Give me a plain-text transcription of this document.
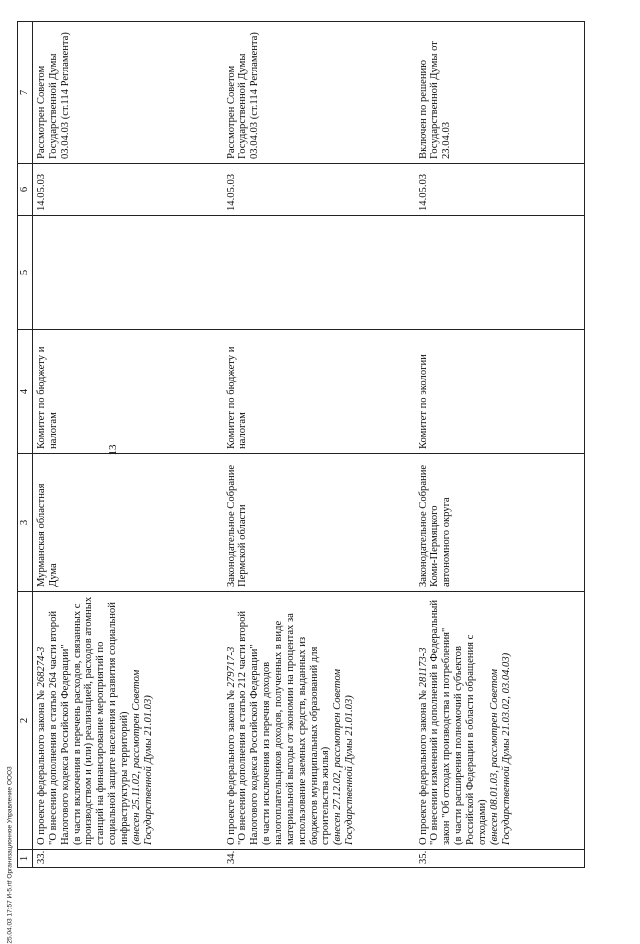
13
1	2	3	4	5	6	7
33.	О проекте федерального закона № 268274-3 "О внесении дополнения в статью 264 части второй Налогового кодекса Российской Федерации" (в части включения в перечень расходов, связанных с производством и (или) реализацией, расходов атомных станций на финансирование мероприятий по социальной защите населения и развития социальной инфраструктуры территорий) (внесен 25.11.02, рассмотрен Советом Государственной Думы 21.01.03)	Мурманская областная Дума	Комитет по бюджету и налогам		14.05.03	Рассмотрен Советом Государственной Думы 03.04.03 (ст.114 Регламента)
34.	О проекте федерального закона № 279717-3 "О внесении дополнения в статью 212 части второй Налогового кодекса Российской Федерации" (в части исключения из перечня доходов налогоплательщиков доходов, полученных в виде материальной выгоды от экономии на процентах за использование заемных средств, выданных из бюджетов муниципальных образований для строительства жилья) (внесен 27.12.02, рассмотрен Советом Государственной Думы 21.01.03)	Законодательное Собрание Пермской области	Комитет по бюджету и налогам		14.05.03	Рассмотрен Советом Государственной Думы 03.04.03 (ст.114 Регламента)
35.	О проекте федерального закона № 281173-3 "О внесении изменений и дополнений в Федеральный закон "Об отходах производства и потребления" (в части расширения полномочий субъектов Российской Федерации в области обращения с отходами) (внесен 08.01.03, рассмотрен Советом Государственной Думы 21.03.02, 03.04.03)	Законодательное Собрание Коми-Пермяцкого автономного округа	Комитет по экологии		14.05.03	Включен по решению Государственной Думы от 23.04.03
25.04.03 17:57 И-5.rtf Организационное Управление ООО3
